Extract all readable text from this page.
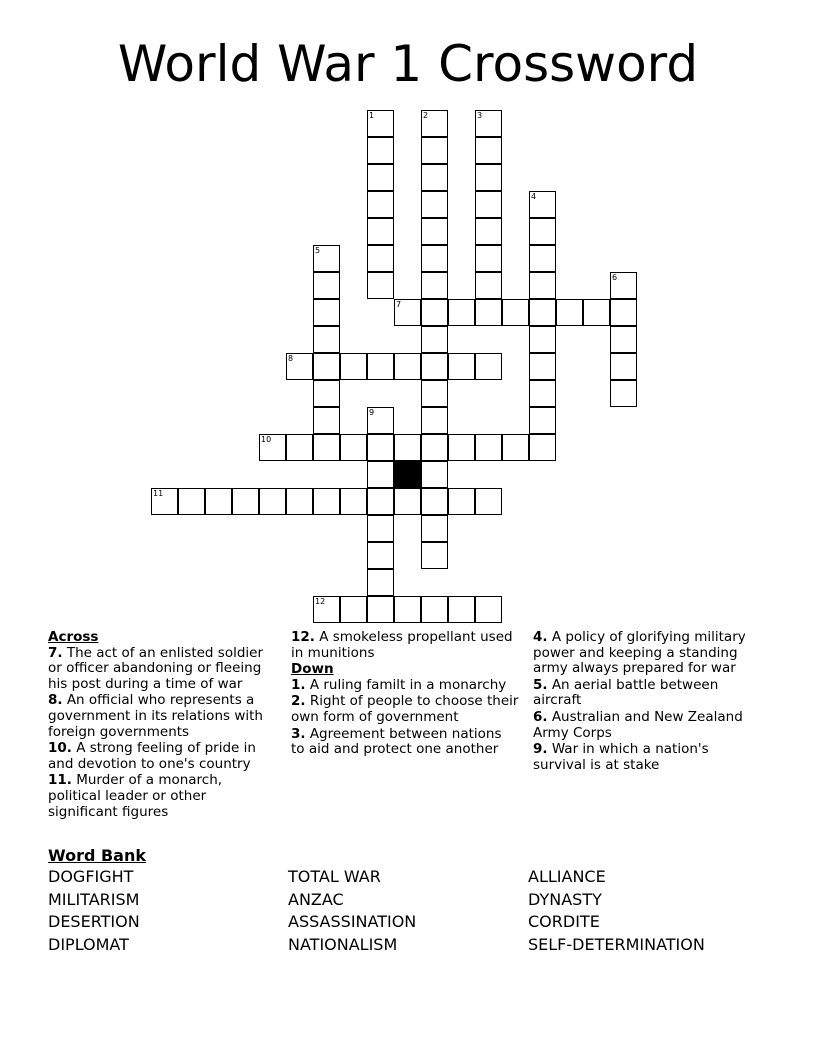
World War 1 Crossword
1	2	3
4
5
6
7
8
9
10
11
12
Across
7. The act of an enlisted soldier or officer abandoning or fleeing his post during a time of war
8. An official who represents a government in its relations with foreign governments
10. A strong feeling of pride in and devotion to one's country
11. Murder of a monarch, political leader or other significant figures
12. A smokeless propellant used in munitions
Down
1. A ruling familt in a monarchy
2. Right of people to choose their own form of government
3. Agreement between nations to aid and protect one another
4. A policy of glorifying military power and keeping a standing army always prepared for war
5. An aerial battle between aircraft
6. Australian and New Zealand Army Corps
9. War in which a nation's survival is at stake
Word Bank
DOGFIGHT
MILITARISM
DESERTION
DIPLOMAT
TOTAL WAR
ANZAC
ASSASSINATION
NATIONALISM
ALLIANCE
DYNASTY
CORDITE
SELF-DETERMINATION
